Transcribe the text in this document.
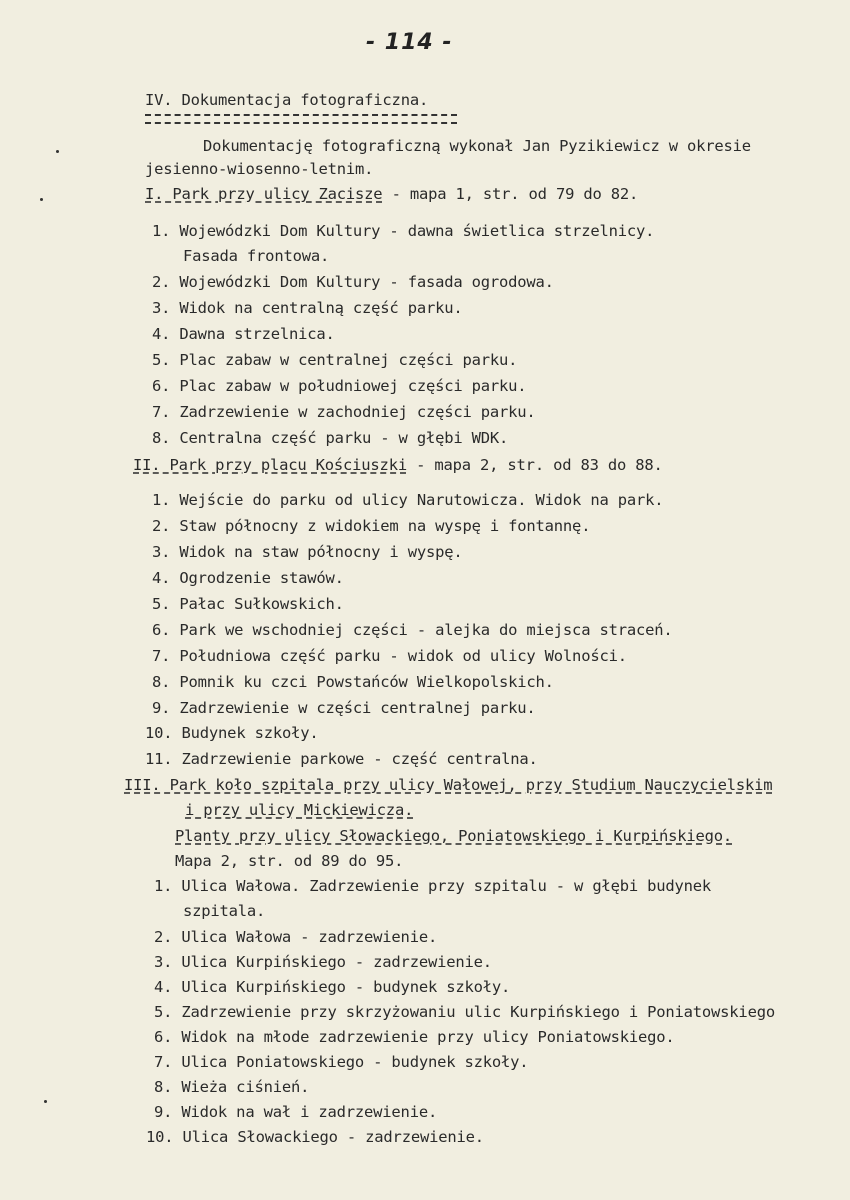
- 114 -
IV. Dokumentacja fotograficzna.
Dokumentację fotograficzną wykonał Jan Pyzikiewicz w okresie
jesienno-wiosenno-letnim.
I. Park przy ulicy Zacisze - mapa 1, str. od 79 do 82.
1. Wojewódzki Dom Kultury - dawna świetlica strzelnicy.
Fasada frontowa.
2. Wojewódzki Dom Kultury - fasada ogrodowa.
3. Widok na centralną część parku.
4. Dawna strzelnica.
5. Plac zabaw w centralnej części parku.
6. Plac zabaw w południowej części parku.
7. Zadrzewienie w zachodniej części parku.
8. Centralna część parku - w głębi WDK.
II. Park przy placu Kościuszki - mapa 2, str. od 83 do 88.
1. Wejście do parku od ulicy Narutowicza. Widok na park.
2. Staw północny z widokiem na wyspę i fontannę.
3. Widok na staw północny i wyspę.
4. Ogrodzenie stawów.
5. Pałac Sułkowskich.
6. Park we wschodniej części - alejka do miejsca straceń.
7. Południowa część parku - widok od ulicy Wolności.
8. Pomnik ku czci Powstańców Wielkopolskich.
9. Zadrzewienie w części centralnej parku.
10. Budynek szkoły.
11. Zadrzewienie parkowe - część centralna.
III. Park koło szpitala przy ulicy Wałowej, przy Studium Nauczycielskim
i przy ulicy Mickiewicza.
Planty przy ulicy Słowackiego, Poniatowskiego i Kurpińskiego.
Mapa 2, str. od 89 do 95.
1. Ulica Wałowa. Zadrzewienie przy szpitalu - w głębi budynek
szpitala.
2. Ulica Wałowa - zadrzewienie.
3. Ulica Kurpińskiego - zadrzewienie.
4. Ulica Kurpińskiego - budynek szkoły.
5. Zadrzewienie przy skrzyżowaniu ulic Kurpińskiego i Poniatowskiego
6. Widok na młode zadrzewienie przy ulicy Poniatowskiego.
7. Ulica Poniatowskiego - budynek szkoły.
8. Wieża ciśnień.
9. Widok na wał i zadrzewienie.
10. Ulica Słowackiego - zadrzewienie.
